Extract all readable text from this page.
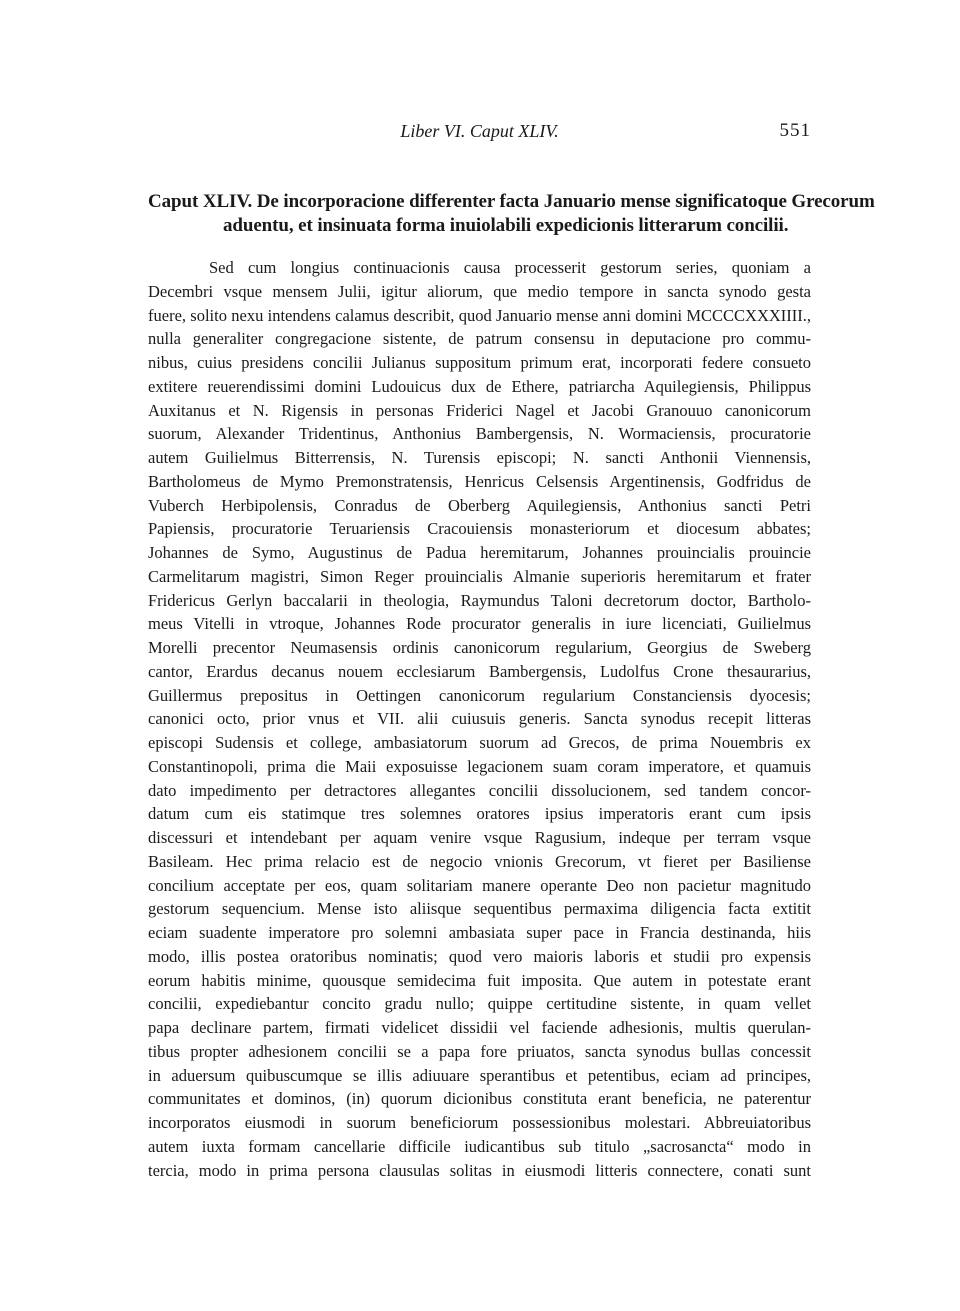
Liber VI. Caput XLIV.	551
Caput XLIV. De incorporacione differenter facta Januario mense significatoque Grecorum
aduentu, et insinuata forma inuiolabili expedicionis litterarum concilii.
Sed cum longius continuacionis causa processerit gestorum series, quoniam a
Decembri vsque mensem Julii, igitur aliorum, que medio tempore in sancta synodo gesta
fuere, solito nexu intendens calamus describit, quod Januario mense anni domini MCCCCXXXIIII.,
nulla generaliter congregacione sistente, de patrum consensu in deputacione pro commu-
nibus, cuius presidens concilii Julianus suppositum primum erat, incorporati federe consueto
extitere reuerendissimi domini Ludouicus dux de Ethere, patriarcha Aquilegiensis, Philippus
Auxitanus et N. Rigensis in personas Friderici Nagel et Jacobi Granouuo canonicorum
suorum, Alexander Tridentinus, Anthonius Bambergensis, N. Wormaciensis, procuratorie
autem Guilielmus Bitterrensis, N. Turensis episcopi; N. sancti Anthonii Viennensis,
Bartholomeus de Mymo Premonstratensis, Henricus Celsensis Argentinensis, Godfridus de
Vuberch Herbipolensis, Conradus de Oberberg Aquilegiensis, Anthonius sancti Petri
Papiensis, procuratorie Teruariensis Cracouiensis monasteriorum et diocesum abbates;
Johannes de Symo, Augustinus de Padua heremitarum, Johannes prouincialis prouincie
Carmelitarum magistri, Simon Reger prouincialis Almanie superioris heremitarum et frater
Fridericus Gerlyn baccalarii in theologia, Raymundus Taloni decretorum doctor, Bartholo-
meus Vitelli in vtroque, Johannes Rode procurator generalis in iure licenciati, Guilielmus
Morelli precentor Neumasensis ordinis canonicorum regularium, Georgius de Sweberg
cantor, Erardus decanus nouem ecclesiarum Bambergensis, Ludolfus Crone thesaurarius,
Guillermus prepositus in Oettingen canonicorum regularium Constanciensis dyocesis;
canonici octo, prior vnus et VII. alii cuiusuis generis. Sancta synodus recepit litteras
episcopi Sudensis et college, ambasiatorum suorum ad Grecos, de prima Nouembris ex
Constantinopoli, prima die Maii exposuisse legacionem suam coram imperatore, et quamuis
dato impedimento per detractores allegantes concilii dissolucionem, sed tandem concor-
datum cum eis statimque tres solemnes oratores ipsius imperatoris erant cum ipsis
discessuri et intendebant per aquam venire vsque Ragusium, indeque per terram vsque
Basileam. Hec prima relacio est de negocio vnionis Grecorum, vt fieret per Basiliense
concilium acceptate per eos, quam solitariam manere operante Deo non pacietur magnitudo
gestorum sequencium. Mense isto aliisque sequentibus permaxima diligencia facta extitit
eciam suadente imperatore pro solemni ambasiata super pace in Francia destinanda, hiis
modo, illis postea oratoribus nominatis; quod vero maioris laboris et studii pro expensis
eorum habitis minime, quousque semidecima fuit imposita. Que autem in potestate erant
concilii, expediebantur concito gradu nullo; quippe certitudine sistente, in quam vellet
papa declinare partem, firmati videlicet dissidii vel faciende adhesionis, multis querulan-
tibus propter adhesionem concilii se a papa fore priuatos, sancta synodus bullas concessit
in aduersum quibuscumque se illis adiuuare sperantibus et petentibus, eciam ad principes,
communitates et dominos, (in) quorum dicionibus constituta erant beneficia, ne paterentur
incorporatos eiusmodi in suorum beneficiorum possessionibus molestari. Abbreuiatoribus
autem iuxta formam cancellarie difficile iudicantibus sub titulo „sacrosancta“ modo in
tercia, modo in prima persona clausulas solitas in eiusmodi litteris connectere, conati sunt
